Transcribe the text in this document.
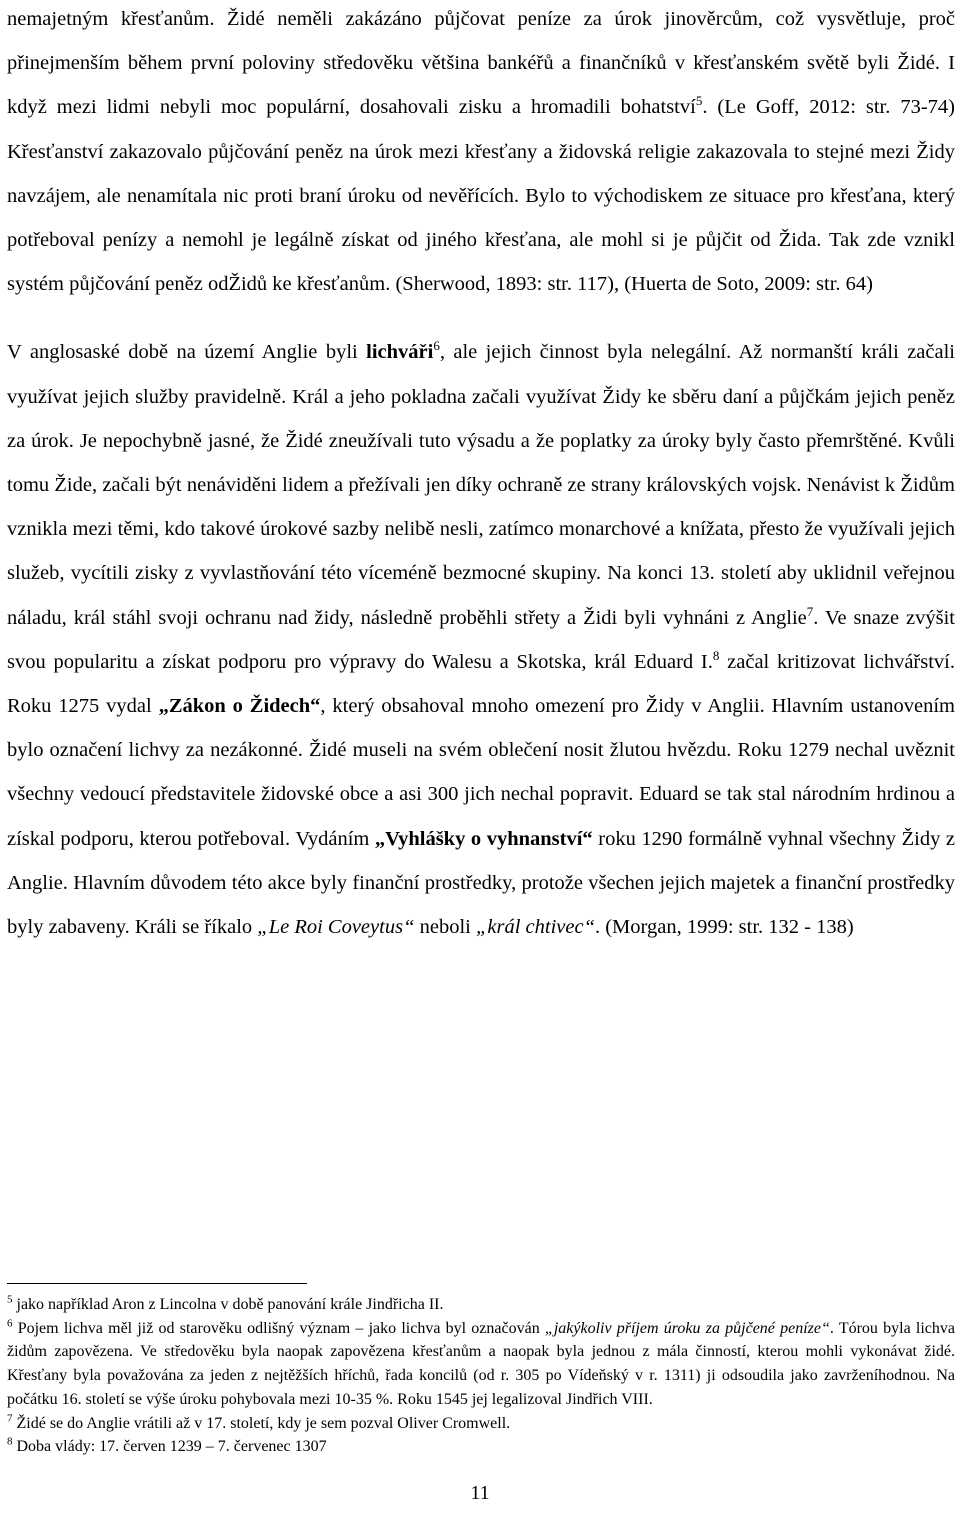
nemajetným křesťanům. Židé neměli zakázáno půjčovat peníze za úrok jinověrcům, což vysvětluje, proč přinejmenším během první poloviny středověku většina bankéřů a finančníků v křesťanském světě byli Židé. I když mezi lidmi nebyli moc populární, dosahovali zisku a hromadili bohatství$^5$. (Le Goff, 2012: str. 73-74) Křesťanství zakazovalo půjčování peněz na úrok mezi křesťany a židovská religie zakazovala to stejné mezi Židy navzájem, ale nenamítala nic proti braní úroku od nevěřících. Bylo to východiskem ze situace pro křesťana, který potřeboval penízy a nemohl je legálně získat od jiného křesťana, ale mohl si je půjčit od Žida. Tak zde vznikl systém půjčování peněz odŽidů ke křesťanům. (Sherwood, 1893: str. 117), (Huerta de Soto, 2009: str. 64)

V anglosaské době na území Anglie byli lichváři$^6$, ale jejich činnost byla nelegální. Až normanští králi začali využívat jejich služby pravidelně. Král a jeho pokladna začali využívat Židy ke sběru daní a půjčkám jejich peněz za úrok. Je nepochybně jasné, že Židé zneužívali tuto výsadu a že poplatky za úroky byly často přemrštěné. Kvůli tomu Žide, začali být nenáviděni lidem a přežívali jen díky ochraně ze strany královských vojsk. Nenávist k Židům vznikla mezi těmi, kdo takové úrokové sazby nelibě nesli, zatímco monarchové a knížata, přesto že využívali jejich služeb, vycítili zisky z vyvlastňování této víceméně bezmocné skupiny. Na konci 13. století aby uklidnil veřejnou náladu, král stáhl svoji ochranu nad židy, následně proběhli střety a Židi byli vyhnáni z Anglie$^7$. Ve snaze zvýšit svou popularitu a získat podporu pro výpravy do Walesu a Skotska, král Eduard I.$^8$ začal kritizovat lichvářství. Roku 1275 vydal „Zákon o Židech“, který obsahoval mnoho omezení pro Židy v Anglii. Hlavním ustanovením bylo označení lichvy za nezákonné. Židé museli na svém oblečení nosit žlutou hvězdu. Roku 1279 nechal uvěznit všechny vedoucí představitele židovské obce a asi 300 jich nechal popravit. Eduard se tak stal národním hrdinou a získal podporu, kterou potřeboval. Vydáním „Vyhlášky o vyhnanství“ roku 1290 formálně vyhnal všechny Židy z Anglie. Hlavním důvodem této akce byly finanční prostředky, protože všechen jejich majetek a finanční prostředky byly zabaveny. Králi se říkalo „Le Roi Coveytus“ neboli „král chtivec“. (Morgan, 1999: str. 132 - 138)

$^5$ jako například Aron z Lincolna v době panování krále Jindřicha II.

$^6$ Pojem lichva měl již od starověku odlišný význam – jako lichva byl označován „jakýkoliv příjem úroku za půjčené peníze“. Tórou byla lichva židům zapovězena. Ve středověku byla naopak zapovězena křesťanům a naopak byla jednou z mála činností, kterou mohli vykonávat židé. Křesťany byla považována za jeden z nejtěžších hříchů, řada koncilů (od r. 305 po Vídeňský v r. 1311) ji odsoudila jako zavrženíhodnou. Na počátku 16. století se výše úroku pohybovala mezi 10-35 %. Roku 1545 jej legalizoval Jindřich VIII.

$^7$ Židé se do Anglie vrátili až v 17. století, kdy je sem pozval Oliver Cromwell.

$^8$ Doba vlády: 17. červen 1239 – 7. červenec 1307

11
